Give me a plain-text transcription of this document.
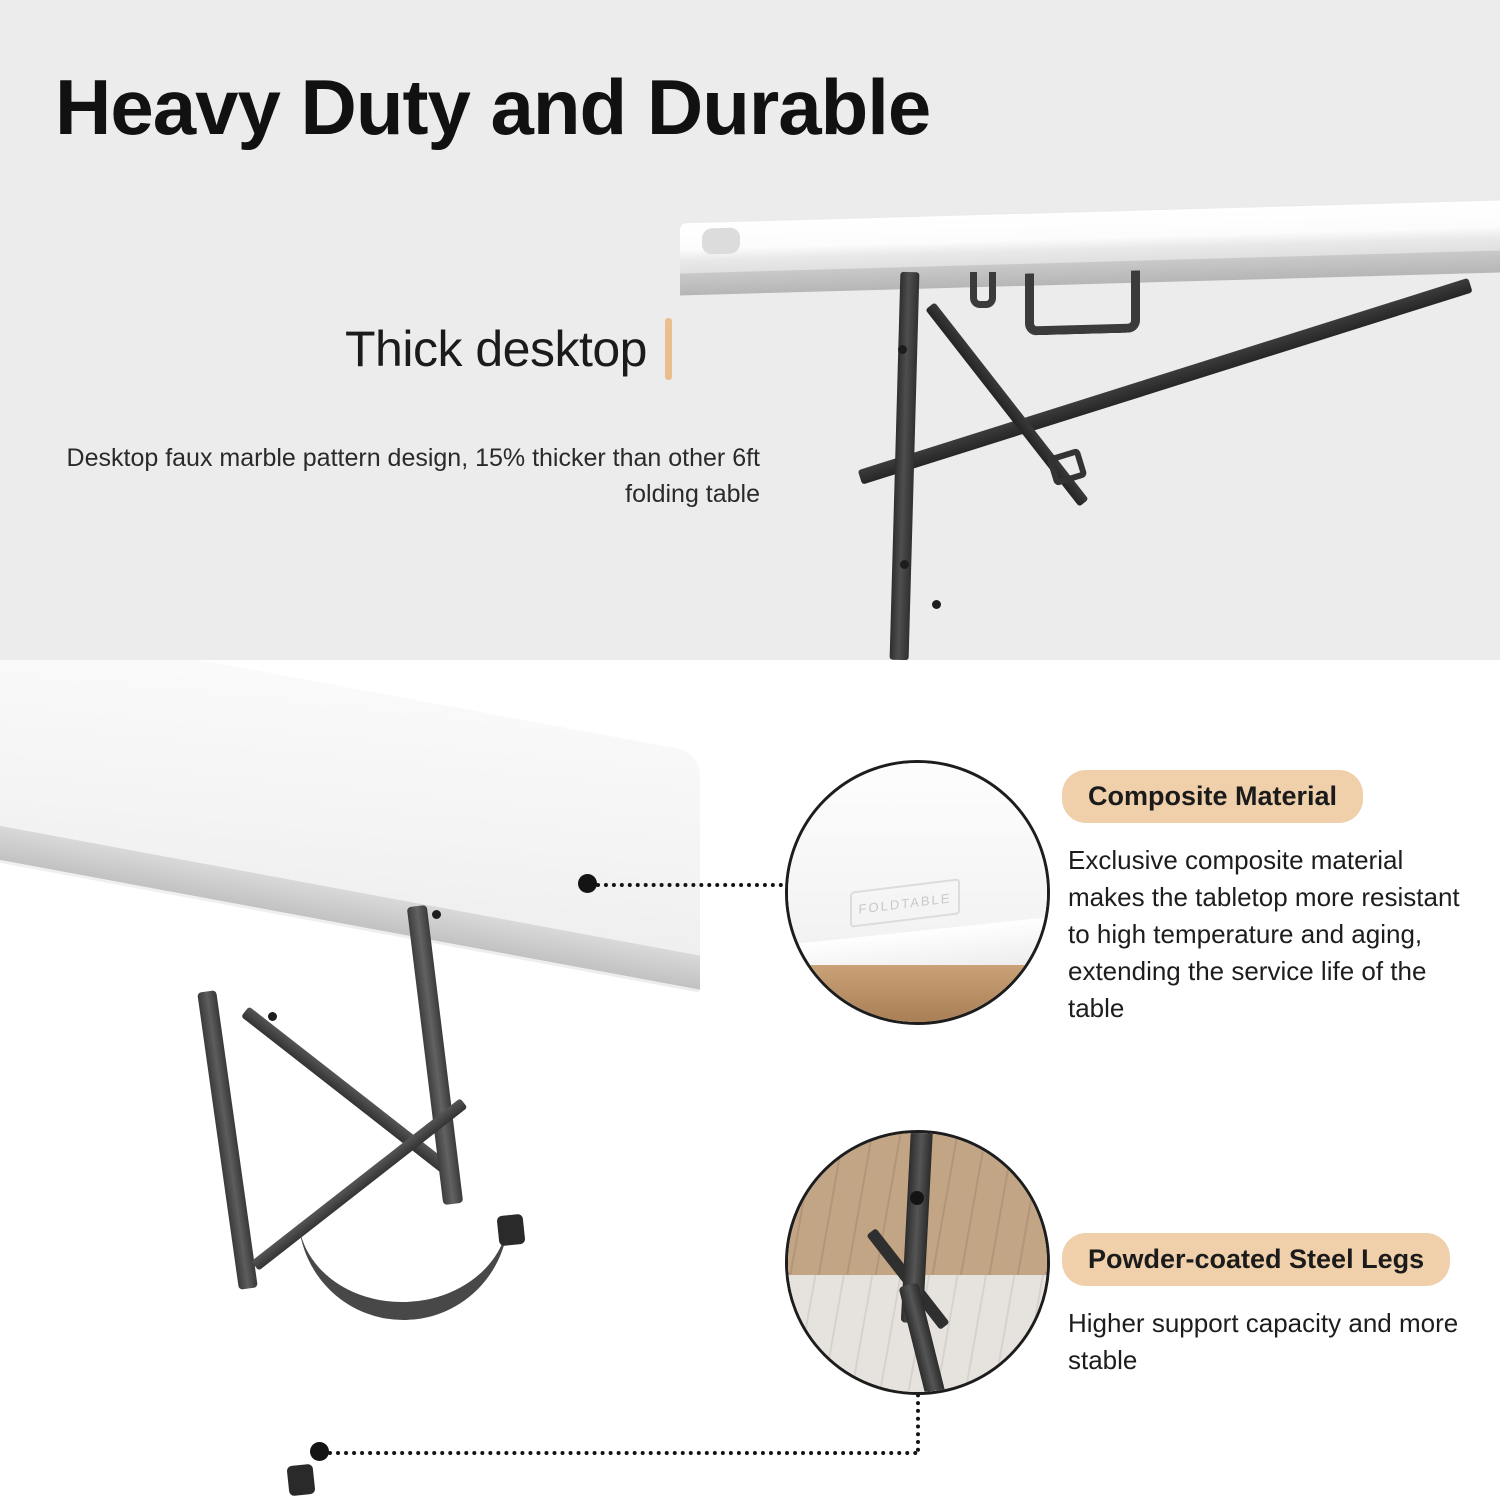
Heavy Duty and Durable
Thick desktop

Desktop faux marble pattern design, 15% thicker than other 6ft folding table

FOLDTABLE
Composite Material

Exclusive composite material makes the tabletop more resistant to high temperature and aging, extending the service life of the table

Powder-coated Steel Legs

Higher support capacity and more stable
